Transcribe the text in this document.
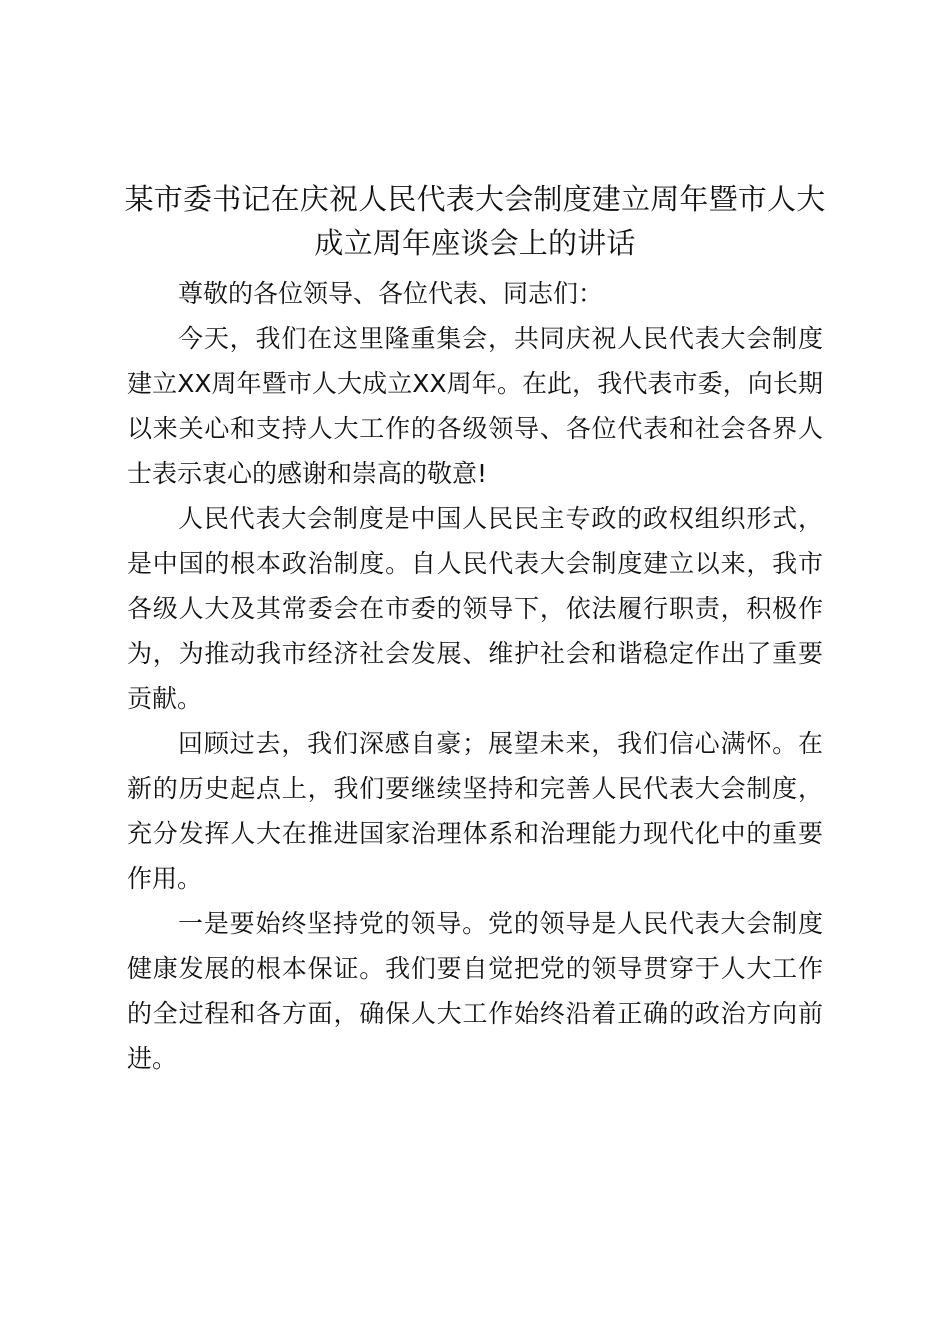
某市委书记在庆祝人民代表大会制度建立周年暨市人大
成立周年座谈会上的讲话

尊敬的各位领导、各位代表、同志们：

今天，我们在这里隆重集会，共同庆祝人民代表大会制度建立XX周年暨市人大成立XX周年。在此，我代表市委，向长期以来关心和支持人大工作的各级领导、各位代表和社会各界人士表示衷心的感谢和崇高的敬意!

人民代表大会制度是中国人民民主专政的政权组织形式，是中国的根本政治制度。自人民代表大会制度建立以来，我市各级人大及其常委会在市委的领导下，依法履行职责，积极作为，为推动我市经济社会发展、维护社会和谐稳定作出了重要贡献。

回顾过去，我们深感自豪；展望未来，我们信心满怀。在新的历史起点上，我们要继续坚持和完善人民代表大会制度，充分发挥人大在推进国家治理体系和治理能力现代化中的重要作用。

一是要始终坚持党的领导。党的领导是人民代表大会制度健康发展的根本保证。我们要自觉把党的领导贯穿于人大工作的全过程和各方面，确保人大工作始终沿着正确的政治方向前进。
